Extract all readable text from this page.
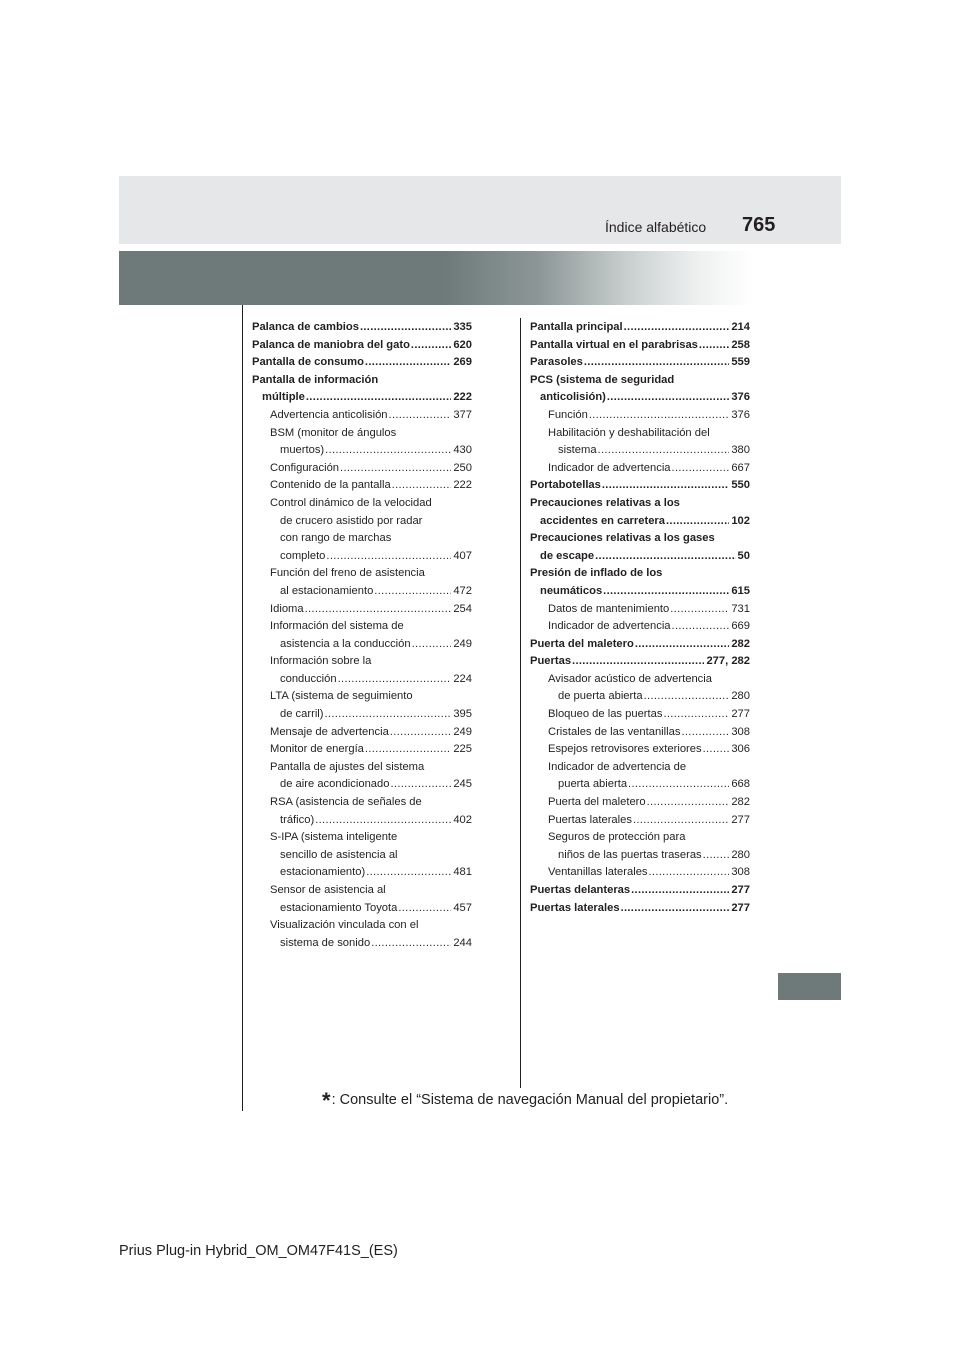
Índice alfabético 765
Palanca de cambios . . .	335
Palanca de maniobra del gato . . .	620
Pantalla de consumo . . .	269
Pantalla de información
múltiple . . .	222
Advertencia anticolisión . . .	377
BSM (monitor de ángulos
muertos) . . .	430
Configuración . . .	250
Contenido de la pantalla . . .	222
Control dinámico de la velocidad
de crucero asistido por radar
con rango de marchas
completo . . .	407
Función del freno de asistencia
al estacionamiento . . .	472
Idioma . . .	254
Información del sistema de
asistencia a la conducción . . .	249
Información sobre la
conducción . . .	224
LTA (sistema de seguimiento
de carril) . . .	395
Mensaje de advertencia . . .	249
Monitor de energía . . .	225
Pantalla de ajustes del sistema
de aire acondicionado . . .	245
RSA (asistencia de señales de
tráfico) . . .	402
S-IPA (sistema inteligente
sencillo de asistencia al
estacionamiento) . . .	481
Sensor de asistencia al
estacionamiento Toyota . . .	457
Visualización vinculada con el
sistema de sonido . . .	244
Pantalla principal . . .	214
Pantalla virtual en el parabrisas . . .	258
Parasoles . . .	559
PCS (sistema de seguridad
anticolisión) . . .	376
Función . . .	376
Habilitación y deshabilitación del
sistema . . .	380
Indicador de advertencia . . .	667
Portabotellas . . .	550
Precauciones relativas a los
accidentes en carretera . . .	102
Precauciones relativas a los gases
de escape . . .	50
Presión de inflado de los
neumáticos . . .	615
Datos de mantenimiento . . .	731
Indicador de advertencia . . .	669
Puerta del maletero . . .	282
Puertas . . .	277, 282
Avisador acústico de advertencia
de puerta abierta . . .	280
Bloqueo de las puertas . . .	277
Cristales de las ventanillas . . .	308
Espejos retrovisores exteriores . . .	306
Indicador de advertencia de
puerta abierta . . .	668
Puerta del maletero . . .	282
Puertas laterales . . .	277
Seguros de protección para
niños de las puertas traseras . . .	280
Ventanillas laterales . . .	308
Puertas delanteras . . .	277
Puertas laterales . . .	277
*: Consulte el “Sistema de navegación Manual del propietario”.
Prius Plug-in Hybrid_OM_OM47F41S_(ES)
